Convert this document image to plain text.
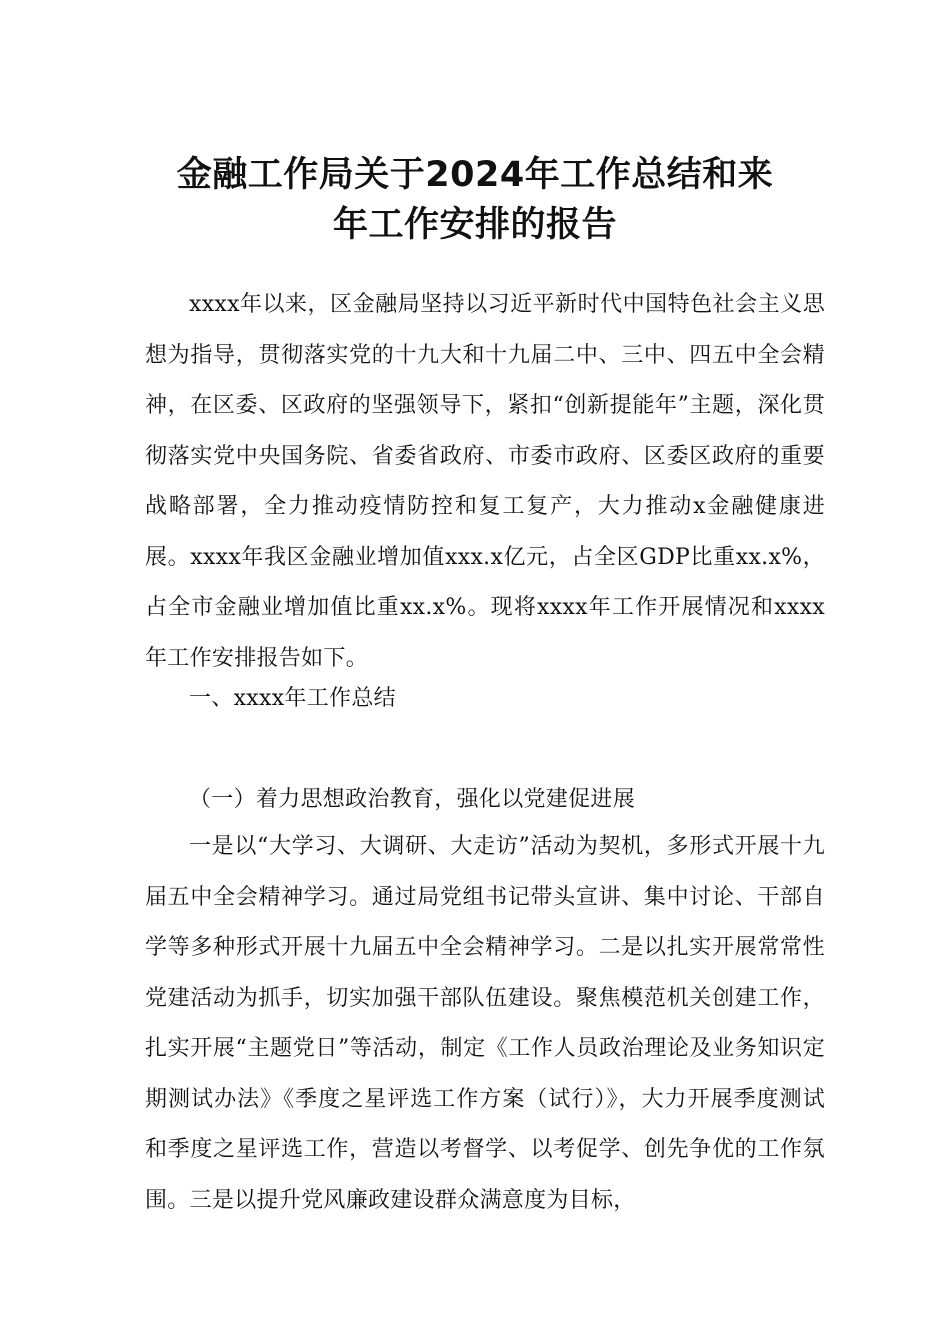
金融工作局关于2024年工作总结和来
年工作安排的报告

xxxx年以来，区金融局坚持以习近平新时代中国特色社会主义思想为指导，贯彻落实党的十九大和十九届二中、三中、四五中全会精神，在区委、区政府的坚强领导下，紧扣“创新提能年”主题，深化贯彻落实党中央国务院、省委省政府、市委市政府、区委区政府的重要战略部署，全力推动疫情防控和复工复产，大力推动x金融健康进展。xxxx年我区金融业增加值xxx.x亿元，占全区GDP比重xx.x%，占全市金融业增加值比重xx.x%。现将xxxx年工作开展情况和xxxx年工作安排报告如下。

一、xxxx年工作总结

（一）着力思想政治教育，强化以党建促进展

一是以“大学习、大调研、大走访”活动为契机，多形式开展十九届五中全会精神学习。通过局党组书记带头宣讲、集中讨论、干部自学等多种形式开展十九届五中全会精神学习。二是以扎实开展常常性党建活动为抓手，切实加强干部队伍建设。聚焦模范机关创建工作，扎实开展“主题党日”等活动，制定《工作人员政治理论及业务知识定期测试办法》《季度之星评选工作方案（试行）》，大力开展季度测试和季度之星评选工作，营造以考督学、以考促学、创先争优的工作氛围。三是以提升党风廉政建设群众满意度为目标，
